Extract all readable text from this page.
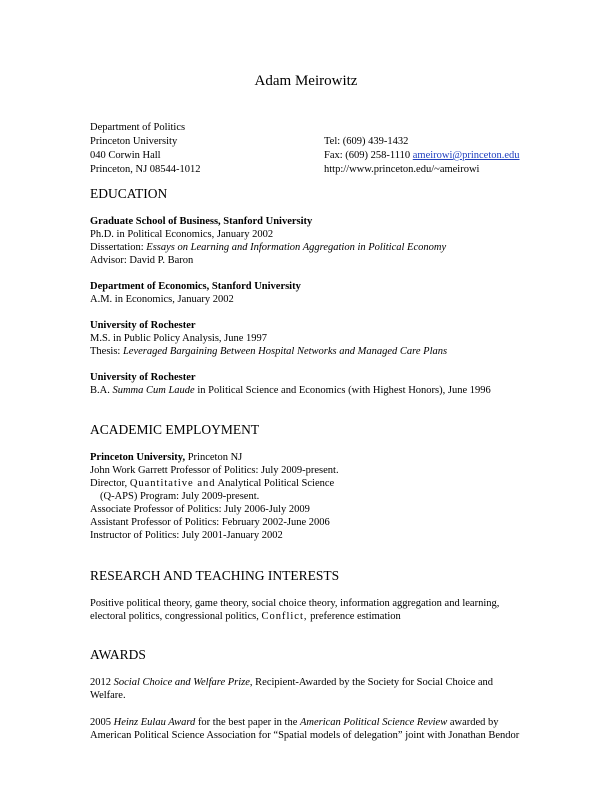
Adam Meirowitz
Department of Politics
Princeton University
040 Corwin Hall
Princeton, NJ 08544-1012
Tel: (609) 439-1432
Fax: (609) 258-1110 ameirowi@princeton.edu
http://www.princeton.edu/~ameirowi
EDUCATION
Graduate School of Business, Stanford University
Ph.D. in Political Economics, January 2002
Dissertation: Essays on Learning and Information Aggregation in Political Economy
Advisor: David P. Baron
Department of Economics, Stanford University
A.M. in Economics, January 2002
University of Rochester
M.S. in Public Policy Analysis, June 1997
Thesis: Leveraged Bargaining Between Hospital Networks and Managed Care Plans
University of Rochester
B.A. Summa Cum Laude in Political Science and Economics (with Highest Honors), June 1996
ACADEMIC EMPLOYMENT
Princeton University, Princeton NJ
John Work Garrett Professor of Politics: July 2009-present.
Director, Quantitative and Analytical Political Science
(Q-APS) Program: July 2009-present.
Associate Professor of Politics: July 2006-July 2009
Assistant Professor of Politics: February 2002-June 2006
Instructor of Politics: July 2001-January 2002
RESEARCH AND TEACHING INTERESTS
Positive political theory, game theory, social choice theory, information aggregation and learning, electoral politics, congressional politics, Conflict, preference estimation
AWARDS
2012 Social Choice and Welfare Prize, Recipient-Awarded by the Society for Social Choice and Welfare.
2005 Heinz Eulau Award for the best paper in the American Political Science Review awarded by American Political Science Association for “Spatial models of delegation” joint with Jonathan Bendor
